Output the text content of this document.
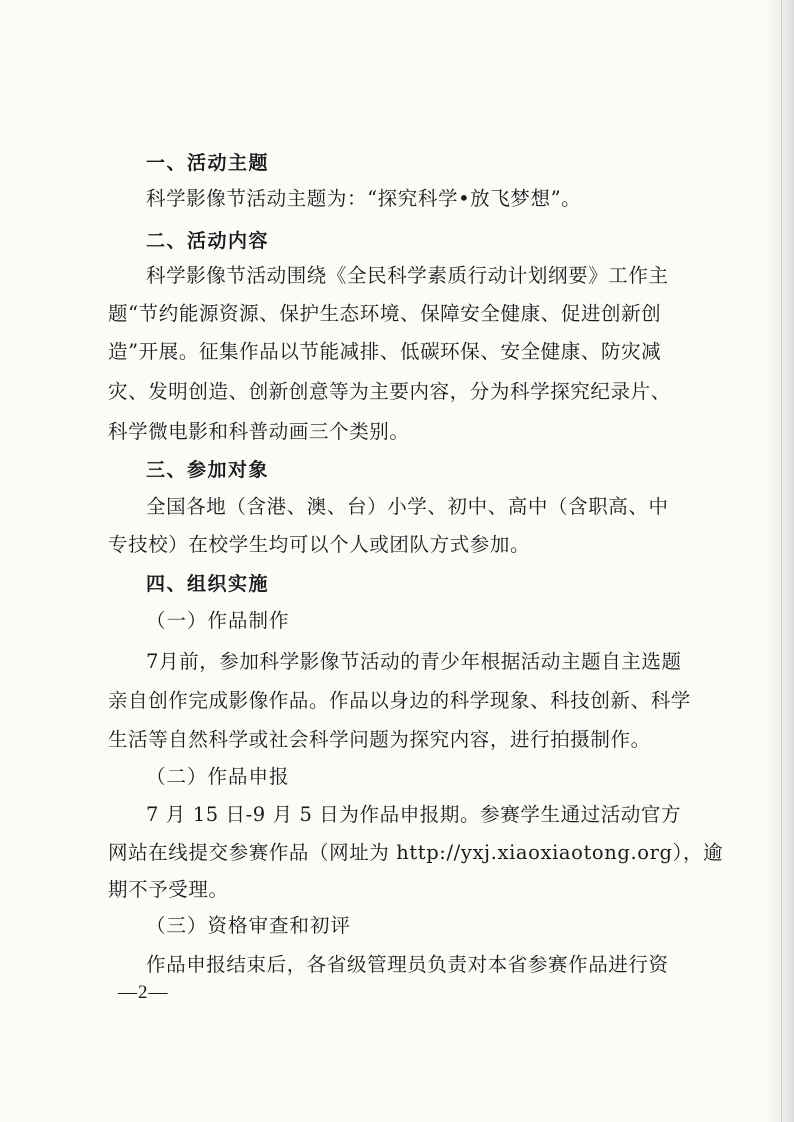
一、活动主题
科学影像节活动主题为：“探究科学•放飞梦想”。
二、活动内容
科学影像节活动围绕《全民科学素质行动计划纲要》工作主
题“节约能源资源、保护生态环境、保障安全健康、促进创新创
造”开展。征集作品以节能减排、低碳环保、安全健康、防灾减
灾、发明创造、创新创意等为主要内容，分为科学探究纪录片、
科学微电影和科普动画三个类别。
三、参加对象
全国各地（含港、澳、台）小学、初中、高中（含职高、中
专技校）在校学生均可以个人或团队方式参加。
四、组织实施
（一）作品制作
7月前，参加科学影像节活动的青少年根据活动主题自主选题
亲自创作完成影像作品。作品以身边的科学现象、科技创新、科学
生活等自然科学或社会科学问题为探究内容，进行拍摄制作。
（二）作品申报
7 月 15 日-9 月 5 日为作品申报期。参赛学生通过活动官方
网站在线提交参赛作品（网址为 http://yxj.xiaoxiaotong.org），逾
期不予受理。
（三）资格审查和初评
作品申报结束后，各省级管理员负责对本省参赛作品进行资
—2—
